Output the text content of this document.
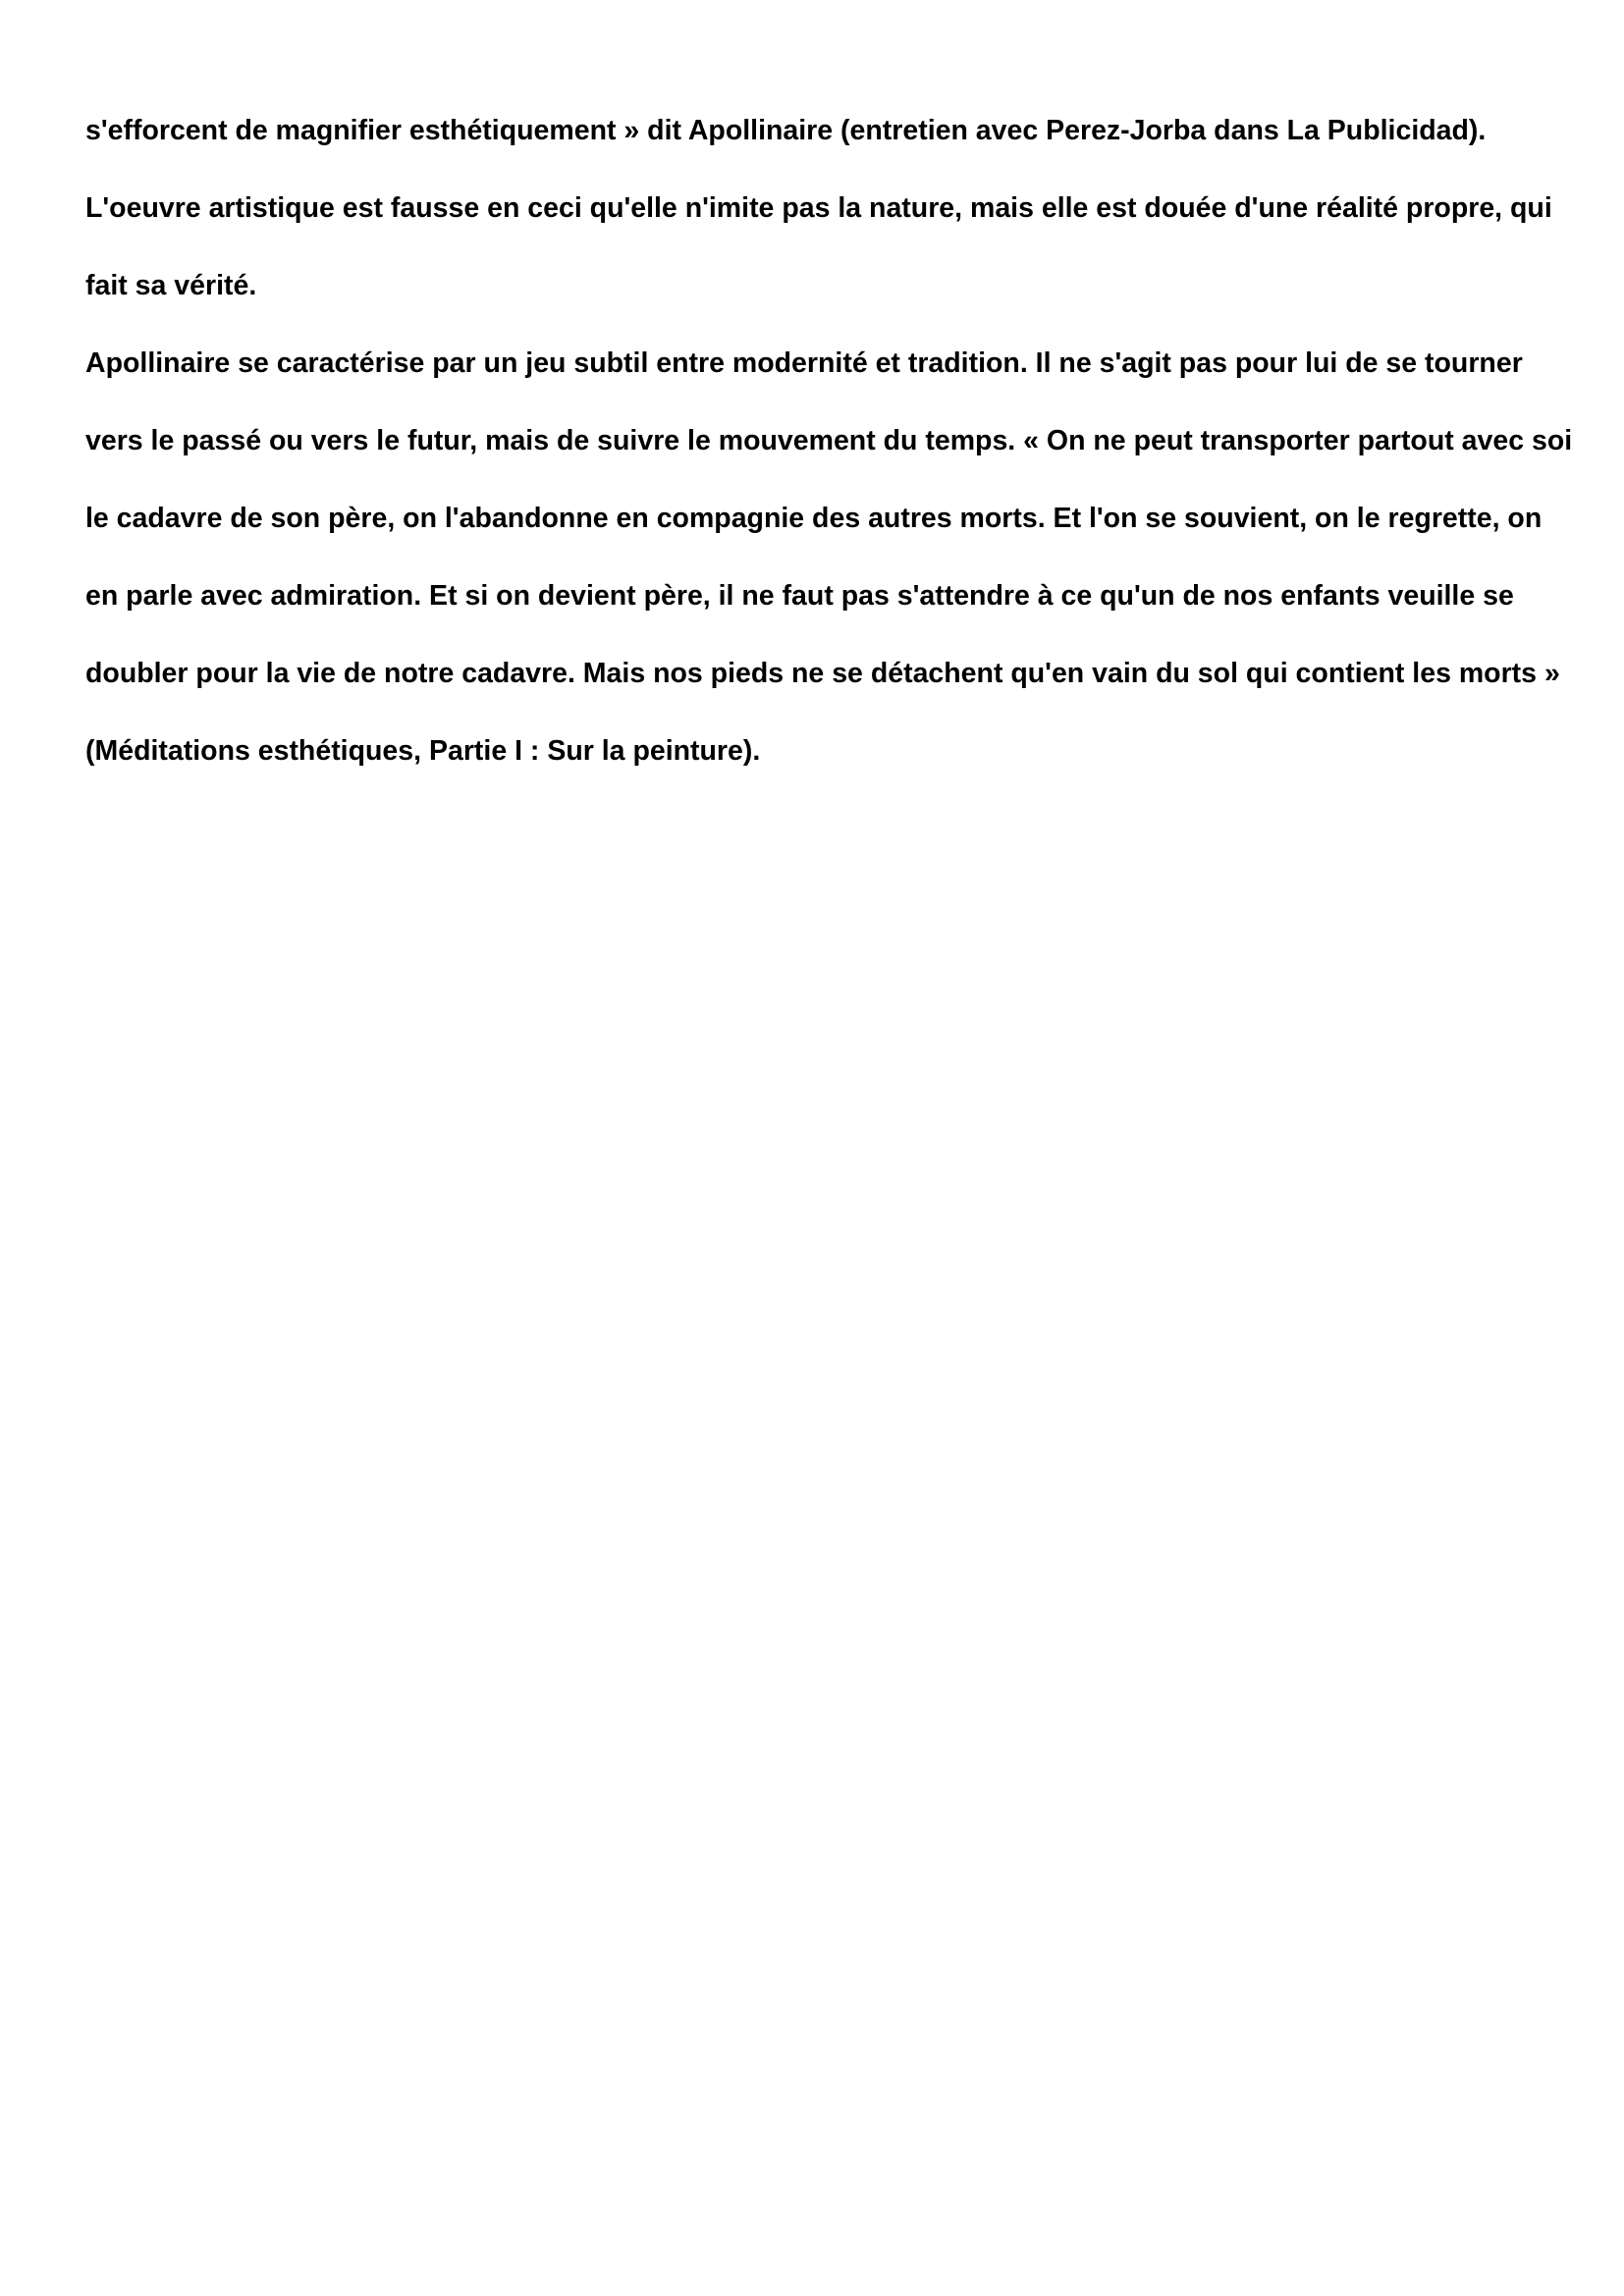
s'efforcent de magnifier esthétiquement » dit Apollinaire (entretien avec Perez-Jorba dans La Publicidad).
L'oeuvre artistique est fausse en ceci qu'elle n'imite pas la nature, mais elle est douée d'une réalité propre, qui
fait sa vérité.
Apollinaire se caractérise par un jeu subtil entre modernité et tradition. Il ne s'agit pas pour lui de se tourner
vers le passé ou vers le futur, mais de suivre le mouvement du temps. « On ne peut transporter partout avec soi
le cadavre de son père, on l'abandonne en compagnie des autres morts. Et l'on se souvient, on le regrette, on
en parle avec admiration. Et si on devient père, il ne faut pas s'attendre à ce qu'un de nos enfants veuille se
doubler pour la vie de notre cadavre. Mais nos pieds ne se détachent qu'en vain du sol qui contient les morts »
(Méditations esthétiques, Partie I : Sur la peinture).
